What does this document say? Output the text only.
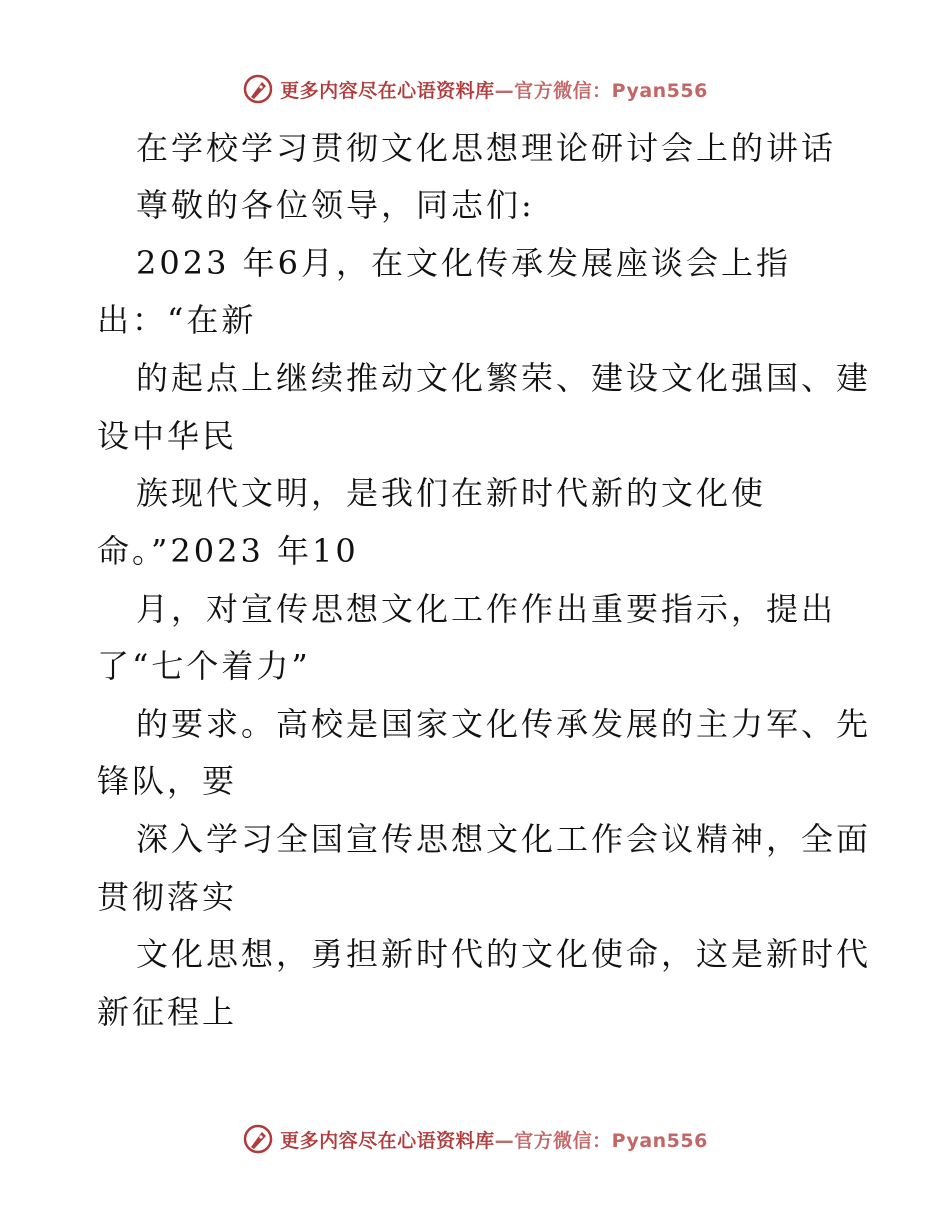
更多内容尽在心语资料库—官方微信：Pyan556
在学校学习贯彻文化思想理论研讨会上的讲话
尊敬的各位领导，同志们:
2023 年6月，在文化传承发展座谈会上指
出：“在新
的起点上继续推动文化繁荣、建设文化强国、建
设中华民
族现代文明，是我们在新时代新的文化使
命。”2023 年10
月，对宣传思想文化工作作出重要指示，提出
了“七个着力”
的要求。高校是国家文化传承发展的主力军、先
锋队，要
深入学习全国宣传思想文化工作会议精神，全面
贯彻落实
文化思想，勇担新时代的文化使命，这是新时代
新征程上
更多内容尽在心语资料库—官方微信：Pyan556
